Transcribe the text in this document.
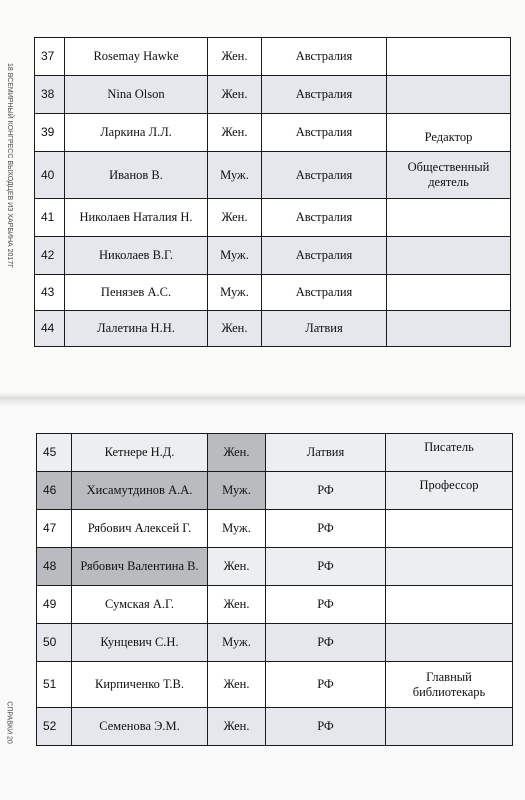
18 ВСЕМИРНЫЙ КОНГРЕСС ВЫХОДЦЕВ ИЗ ХАРБИНА 2017Г
37	Rosemay Hawke	Жен.	Австралия	
38	Nina Olson	Жен.	Австралия	
39	Ларкина Л.Л.	Жен.	Австралия	Редактор
40	Иванов В.	Муж.	Австралия	Общественный деятель
41	Николаев Наталия Н.	Жен.	Австралия	
42	Николаев В.Г.	Муж.	Австралия	
43	Пенязев А.С.	Муж.	Австралия	
44	Лалетина Н.Н.	Жен.	Латвия	
СПРАВКИ 20
45	Кетнере Н.Д.	Жен.	Латвия	Писатель
46	Хисамутдинов А.А.	Муж.	РФ	Профессор
47	Рябович Алексей Г.	Муж.	РФ	
48	Рябович Валентина В.	Жен.	РФ	
49	Сумская А.Г.	Жен.	РФ	
50	Кунцевич С.Н.	Муж.	РФ	
51	Кирпиченко Т.В.	Жен.	РФ	Главный библиотекарь
52	Семенова Э.М.	Жен.	РФ	
